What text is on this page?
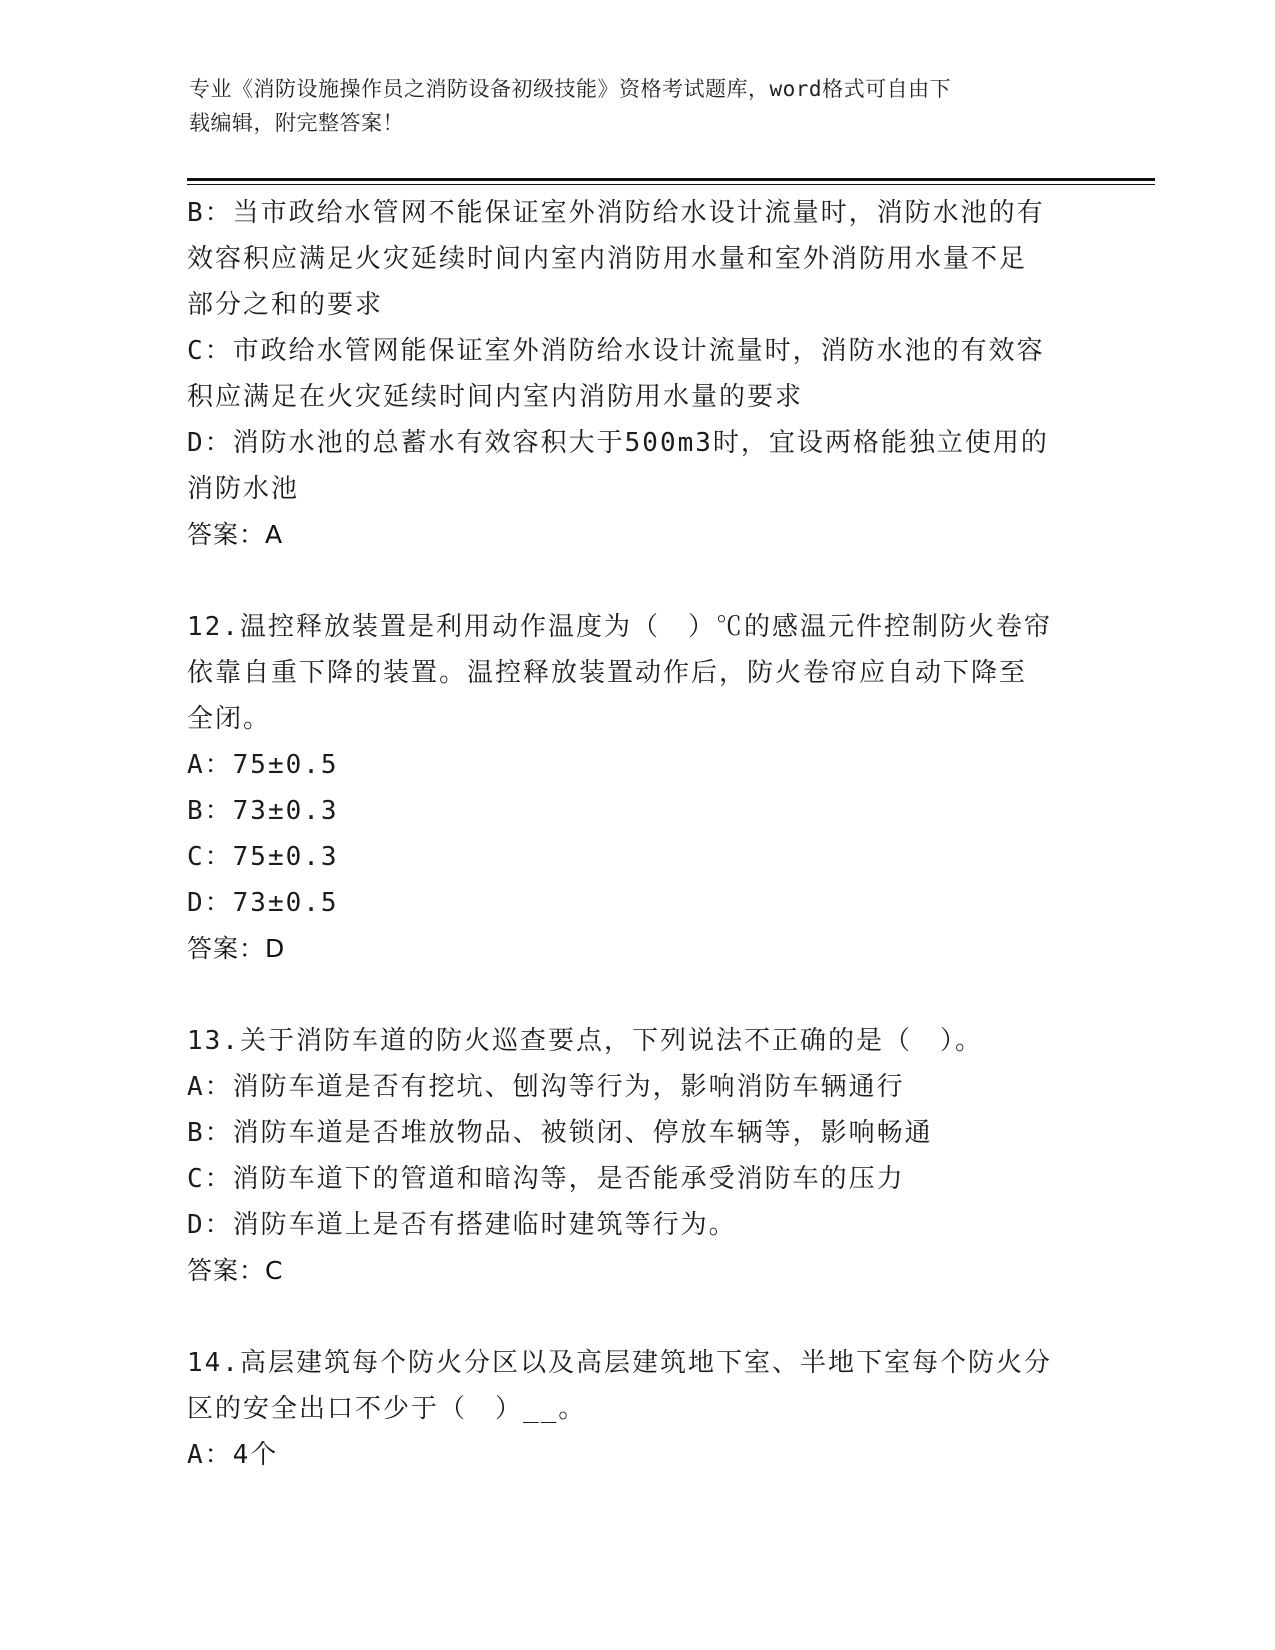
专业《消防设施操作员之消防设备初级技能》资格考试题库，word格式可自由下
载编辑，附完整答案！
B：当市政给水管网不能保证室外消防给水设计流量时，消防水池的有
效容积应满足火灾延续时间内室内消防用水量和室外消防用水量不足
部分之和的要求
C：市政给水管网能保证室外消防给水设计流量时，消防水池的有效容
积应满足在火灾延续时间内室内消防用水量的要求
D：消防水池的总蓄水有效容积大于500m3时，宜设两格能独立使用的
消防水池
答案：A
12.温控释放装置是利用动作温度为（　）℃的感温元件控制防火卷帘
依靠自重下降的装置。温控释放装置动作后，防火卷帘应自动下降至
全闭。
A：75±0.5
B：73±0.3
C：75±0.3
D：73±0.5
答案：D
13.关于消防车道的防火巡查要点，下列说法不正确的是（　）。
A：消防车道是否有挖坑、刨沟等行为，影响消防车辆通行
B：消防车道是否堆放物品、被锁闭、停放车辆等，影响畅通
C：消防车道下的管道和暗沟等，是否能承受消防车的压力
D：消防车道上是否有搭建临时建筑等行为。
答案：C
14.高层建筑每个防火分区以及高层建筑地下室、半地下室每个防火分
区的安全出口不少于（　）__。
A：4个
